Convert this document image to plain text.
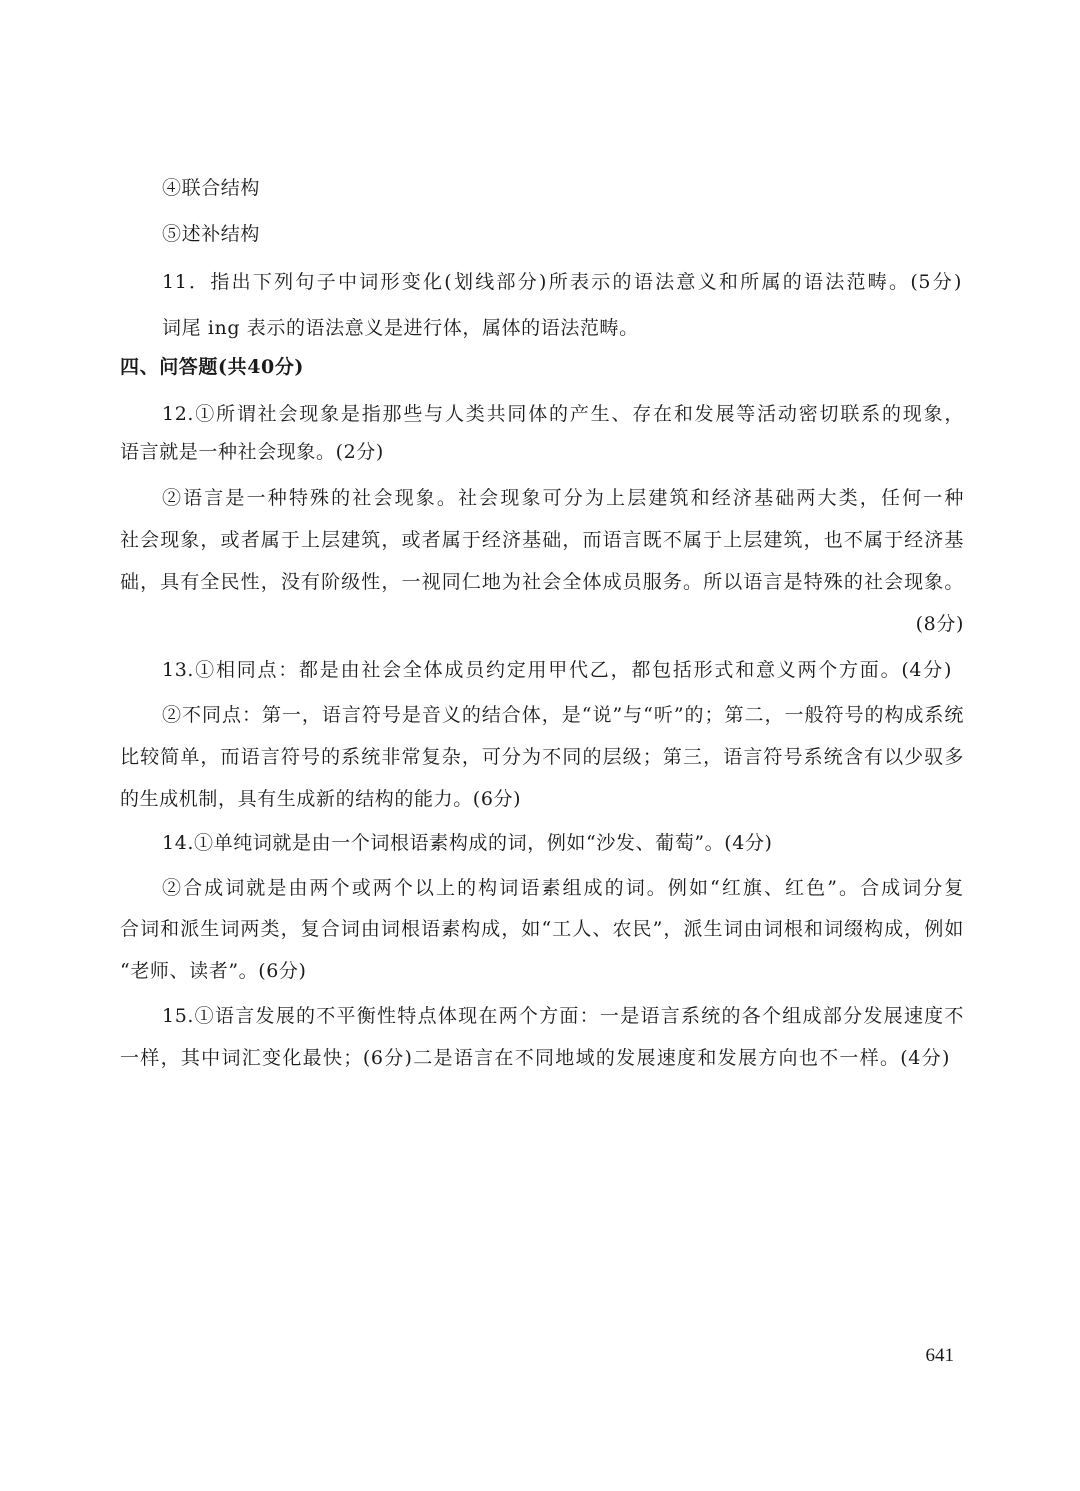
④联合结构
⑤述补结构
11．指出下列句子中词形变化(划线部分)所表示的语法意义和所属的语法范畴。(5分)
词尾 ing 表示的语法意义是进行体，属体的语法范畴。
四、问答题(共40分)
12.①所谓社会现象是指那些与人类共同体的产生、存在和发展等活动密切联系的现象，
语言就是一种社会现象。(2分)
②语言是一种特殊的社会现象。社会现象可分为上层建筑和经济基础两大类，任何一种
社会现象，或者属于上层建筑，或者属于经济基础，而语言既不属于上层建筑，也不属于经济基
础，具有全民性，没有阶级性，一视同仁地为社会全体成员服务。所以语言是特殊的社会现象。
(8分)
13.①相同点：都是由社会全体成员约定用甲代乙，都包括形式和意义两个方面。(4分)
②不同点：第一，语言符号是音义的结合体，是“说”与“听”的；第二，一般符号的构成系统
比较简单，而语言符号的系统非常复杂，可分为不同的层级；第三，语言符号系统含有以少驭多
的生成机制，具有生成新的结构的能力。(6分)
14.①单纯词就是由一个词根语素构成的词，例如“沙发、葡萄”。(4分)
②合成词就是由两个或两个以上的构词语素组成的词。例如“红旗、红色”。合成词分复
合词和派生词两类，复合词由词根语素构成，如“工人、农民”，派生词由词根和词缀构成，例如
“老师、读者”。(6分)
15.①语言发展的不平衡性特点体现在两个方面：一是语言系统的各个组成部分发展速度不
一样，其中词汇变化最快；(6分)二是语言在不同地域的发展速度和发展方向也不一样。(4分)
641
